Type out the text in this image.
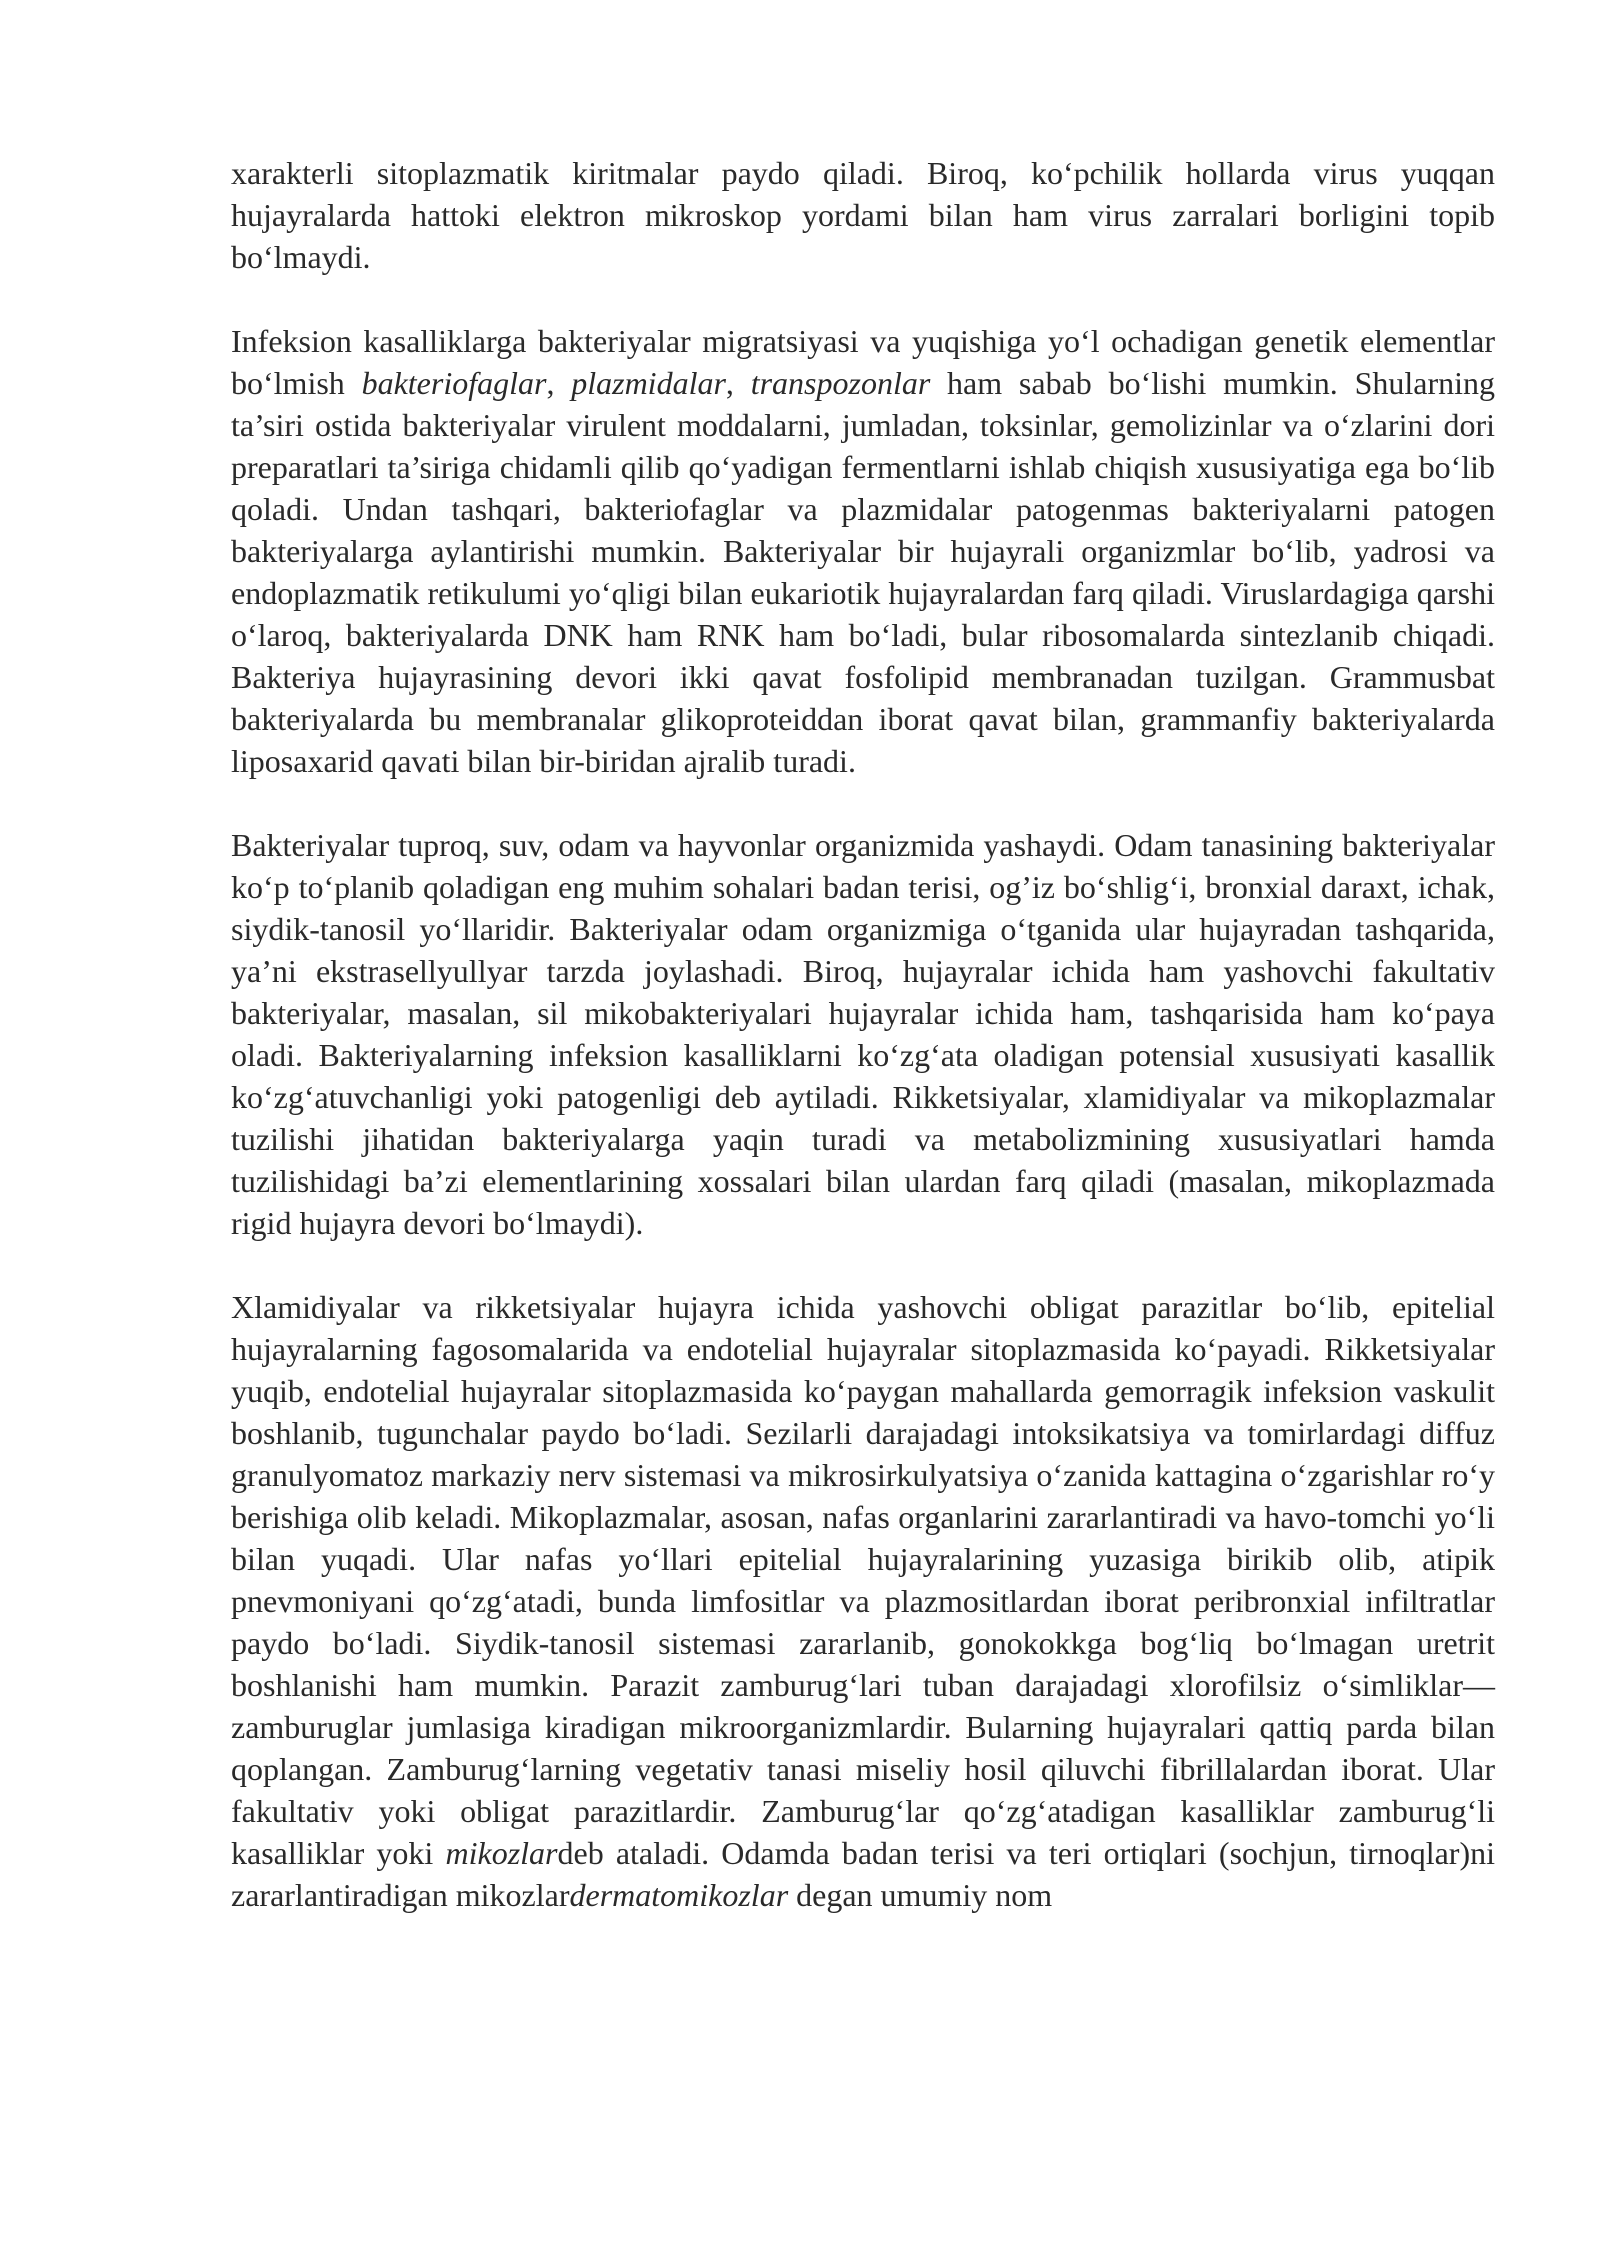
xarakterli sitoplazmatik kiritmalar paydo qiladi. Biroq, koʻpchilik hollarda virus yuqqan hujayralarda hattoki elektron mikroskop yordami bilan ham virus zarralari borligini topib boʻlmaydi.

Infeksion kasalliklarga bakteriyalar migratsiyasi va yuqishiga yoʻl ochadigan genetik elementlar boʻlmish bakteriofaglar, plazmidalar, transpozonlar ham sabab boʻlishi mumkin. Shularning ta’siri ostida bakteriyalar virulent moddalarni, jumladan, toksinlar, gemolizinlar va oʻzlarini dori preparatlari ta’siriga chidamli qilib qoʻyadigan fermentlarni ishlab chiqish xususiyatiga ega boʻlib qoladi. Undan tashqari, bakteriofaglar va plazmidalar patogenmas bakteriyalarni patogen bakteriyalarga aylantirishi mumkin. Bakteriyalar bir hujayrali organizmlar boʻlib, yadrosi va endoplazmatik retikulumi yoʻqligi bilan eukariotik hujayralardan farq qiladi. Viruslardagiga qarshi oʻlaroq, bakteriyalarda DNK ham RNK ham boʻladi, bular ribosomalarda sintezlanib chiqadi. Bakteriya hujayrasining devori ikki qavat fosfolipid membranadan tuzilgan. Grammusbat bakteriyalarda bu membranalar glikoproteiddan iborat qavat bilan, grammanfiy bakteriyalarda liposaxarid qavati bilan bir-biridan ajralib turadi.

Bakteriyalar tuproq, suv, odam va hayvonlar organizmida yashaydi. Odam tanasining bakteriyalar koʻp toʻplanib qoladigan eng muhim sohalari badan terisi, og’iz boʻshligʻi, bronxial daraxt, ichak, siydik-tanosil yoʻllaridir. Bakteriyalar odam organizmiga oʻtganida ular hujayradan tashqarida, ya’ni ekstrasellyullyar tarzda joylashadi. Biroq, hujayralar ichida ham yashovchi fakultativ bakteriyalar, masalan, sil mikobakteriyalari hujayralar ichida ham, tashqarisida ham koʻpaya oladi. Bakteriyalarning infeksion kasalliklarni koʻzgʻata oladigan potensial xususiyati kasallik koʻzgʻatuvchanligi yoki patogenligi deb aytiladi. Rikketsiyalar, xlamidiyalar va mikoplazmalar tuzilishi jihatidan bakteriyalarga yaqin turadi va metabolizmining xususiyatlari hamda tuzilishidagi ba’zi elementlarining xossalari bilan ulardan farq qiladi (masalan, mikoplazmada rigid hujayra devori boʻlmaydi).

Xlamidiyalar va rikketsiyalar hujayra ichida yashovchi obligat parazitlar boʻlib, epitelial hujayralarning fagosomalarida va endotelial hujayralar sitoplazmasida koʻpayadi. Rikketsiyalar yuqib, endotelial hujayralar sitoplazmasida koʻpaygan mahallarda gemorragik infeksion vaskulit boshlanib, tugunchalar paydo boʻladi. Sezilarli darajadagi intoksikatsiya va tomirlardagi diffuz granulyomatoz markaziy nerv sistemasi va mikrosirkulyatsiya oʻzanida kattagina oʻzgarishlar roʻy berishiga olib keladi. Mikoplazmalar, asosan, nafas organlarini zararlantiradi va havo-tomchi yoʻli bilan yuqadi. Ular nafas yoʻllari epitelial hujayralarining yuzasiga birikib olib, atipik pnevmoniyani qoʻzgʻatadi, bunda limfositlar va plazmositlardan iborat peribronxial infiltratlar paydo boʻladi. Siydik-tanosil sistemasi zararlanib, gonokokkga bogʻliq boʻlmagan uretrit boshlanishi ham mumkin. Parazit zamburugʻlari tuban darajadagi xlorofilsiz oʻsimliklar—zamburuglar jumlasiga kiradigan mikroorganizmlardir. Bularning hujayralari qattiq parda bilan qoplangan. Zamburugʻlarning vegetativ tanasi miseliy hosil qiluvchi fibrillalardan iborat. Ular fakultativ yoki obligat parazitlardir. Zamburugʻlar qoʻzgʻatadigan kasalliklar zamburugʻli kasalliklar yoki mikozlardeb ataladi. Odamda badan terisi va teri ortiqlari (sochjun, tirnoqlar)ni zararlantiradigan mikozlardermatomikozlar degan umumiy nom
